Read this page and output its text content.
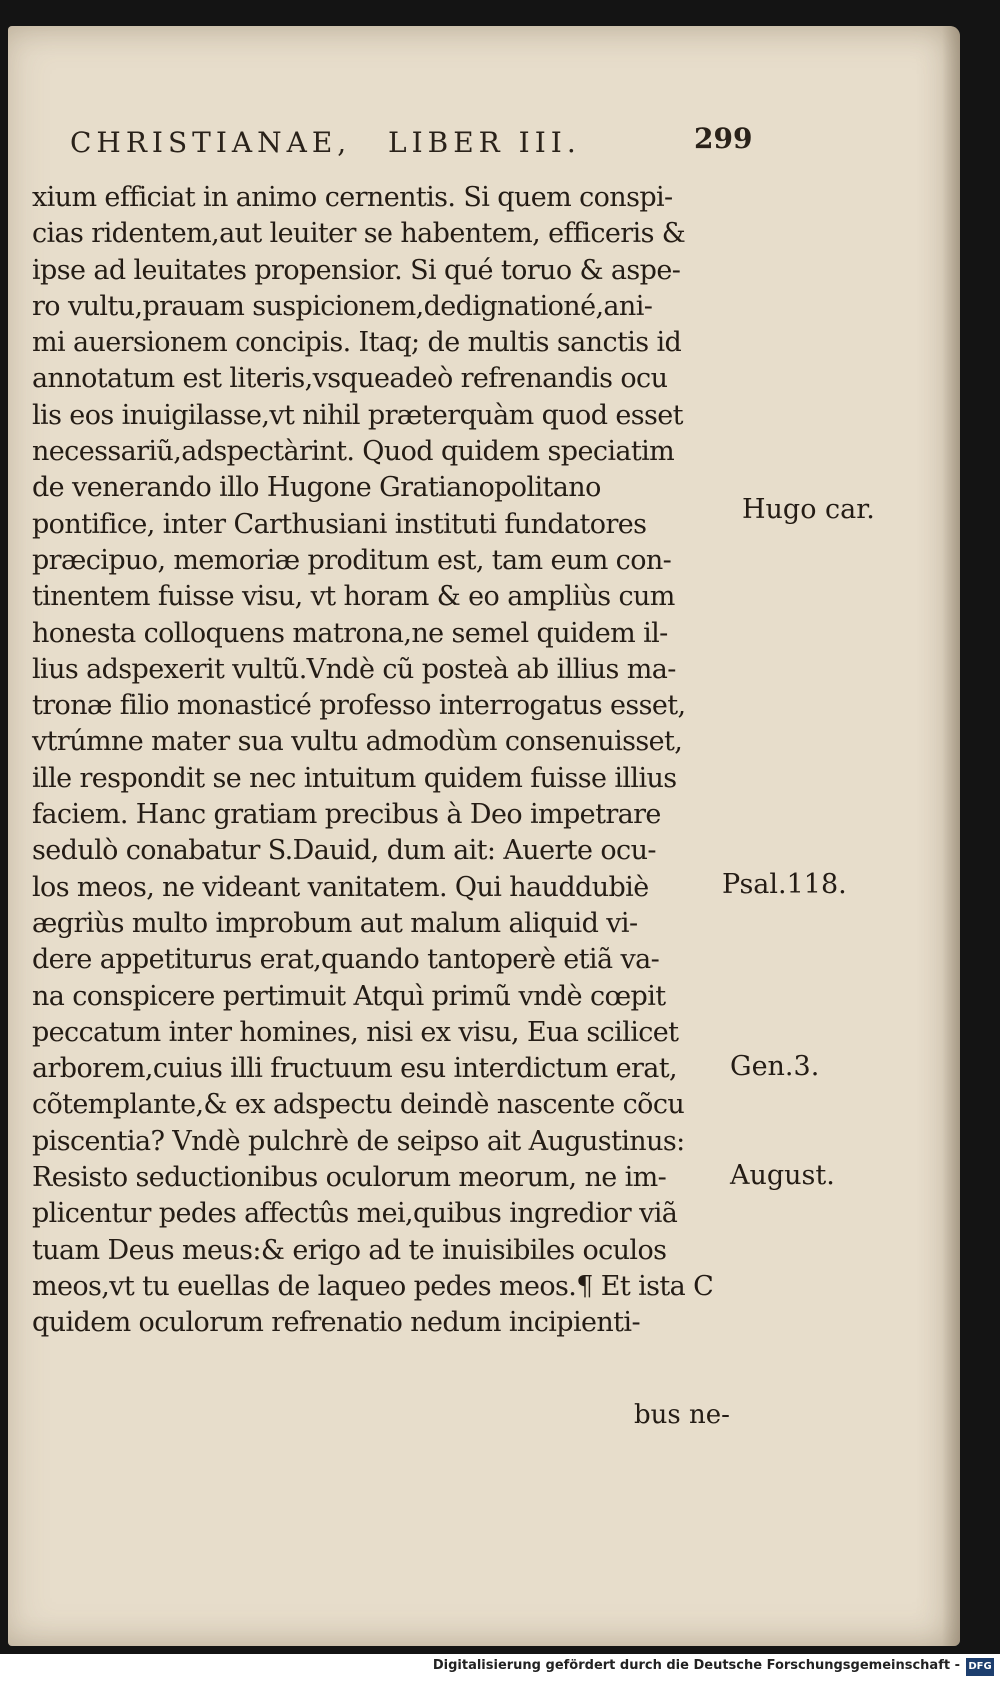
CHRISTIANAE, LIBER III.	299
xium efficiat in animo cernentis. Si quem conspi-
cias ridentem,aut leuiter se habentem, efficeris &
ipse ad leuitates propensior. Si qué toruo & aspe-
ro vultu,prauam suspicionem,dedignationé,ani-
mi auersionem concipis. Itaq; de multis sanctis id
annotatum est literis,vsqueadeò refrenandis ocu
lis eos inuigilasse,vt nihil præterquàm quod esset
necessariũ,adspectàrint. Quod quidem speciatim
de venerando illo Hugone Gratianopolitano
pontifice, inter Carthusiani instituti fundatores
præcipuo, memoriæ proditum est, tam eum con-
tinentem fuisse visu, vt horam & eo ampliùs cum
honesta colloquens matrona,ne semel quidem il-
lius adspexerit vultũ.Vndè cũ posteà ab illius ma-
tronæ filio monasticé professo interrogatus esset,
vtrúmne mater sua vultu admodùm consenuisset,
ille respondit se nec intuitum quidem fuisse illius
faciem. Hanc gratiam precibus à Deo impetrare
sedulò conabatur S.Dauid, dum ait: Auerte ocu-
los meos, ne videant vanitatem. Qui hauddubiè
ægriùs multo improbum aut malum aliquid vi-
dere appetiturus erat,quando tantoperè etiã va-
na conspicere pertimuit Atquì primũ vndè cœpit
peccatum inter homines, nisi ex visu, Eua scilicet
arborem,cuius illi fructuum esu interdictum erat,
cõtemplante,& ex adspectu deindè nascente cõcu
piscentia? Vndè pulchrè de seipso ait Augustinus:
Resisto seductionibus oculorum meorum, ne im-
plicentur pedes affectûs mei,quibus ingredior viã
tuam Deus meus:& erigo ad te inuisibiles oculos
meos,vt tu euellas de laqueo pedes meos.¶ Et ista C
quidem oculorum refrenatio nedum incipienti-
Hugo car.
Psal.118.
Gen.3.
August.
bus ne-
Digitalisierung gefördert durch die Deutsche Forschungsgemeinschaft - DFG
